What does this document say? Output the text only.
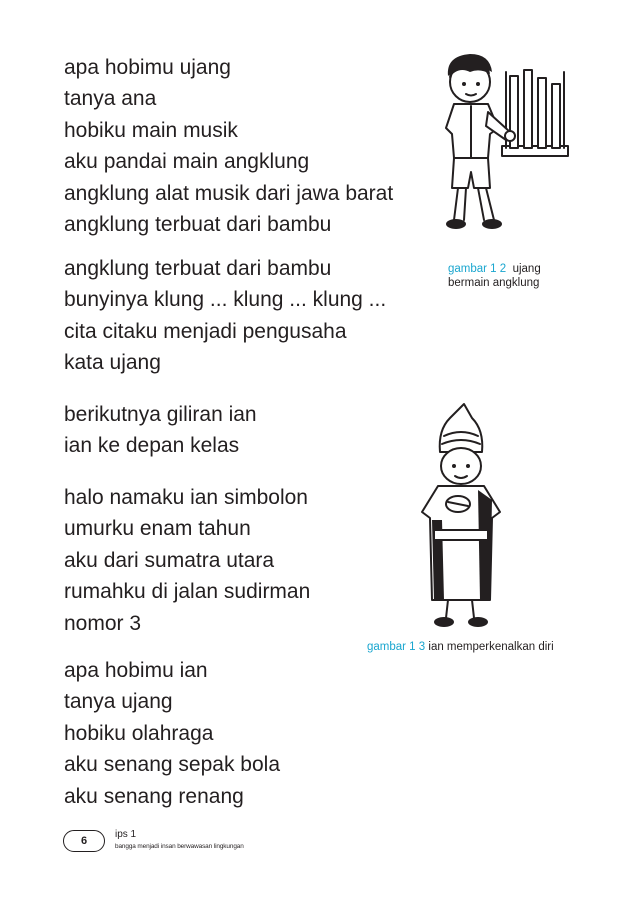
apa hobimu ujang
tanya ana
hobiku main musik
aku pandai main angklung
angklung alat musik dari jawa barat
angklung terbuat dari bambu
angklung terbuat dari bambu
bunyinya klung ... klung ... klung ...
cita citaku menjadi pengusaha
kata ujang
berikutnya giliran ian
ian ke depan kelas
halo namaku ian simbolon
umurku enam tahun
aku dari sumatra utara
rumahku di jalan sudirman
nomor 3
apa hobimu ian
tanya ujang
hobiku olahraga
aku senang sepak bola
aku senang renang
gambar 1 2 ujang
bermain angklung
gambar 1 3 ian memperkenalkan diri
6
ips 1
bangga menjadi insan berwawasan lingkungan
